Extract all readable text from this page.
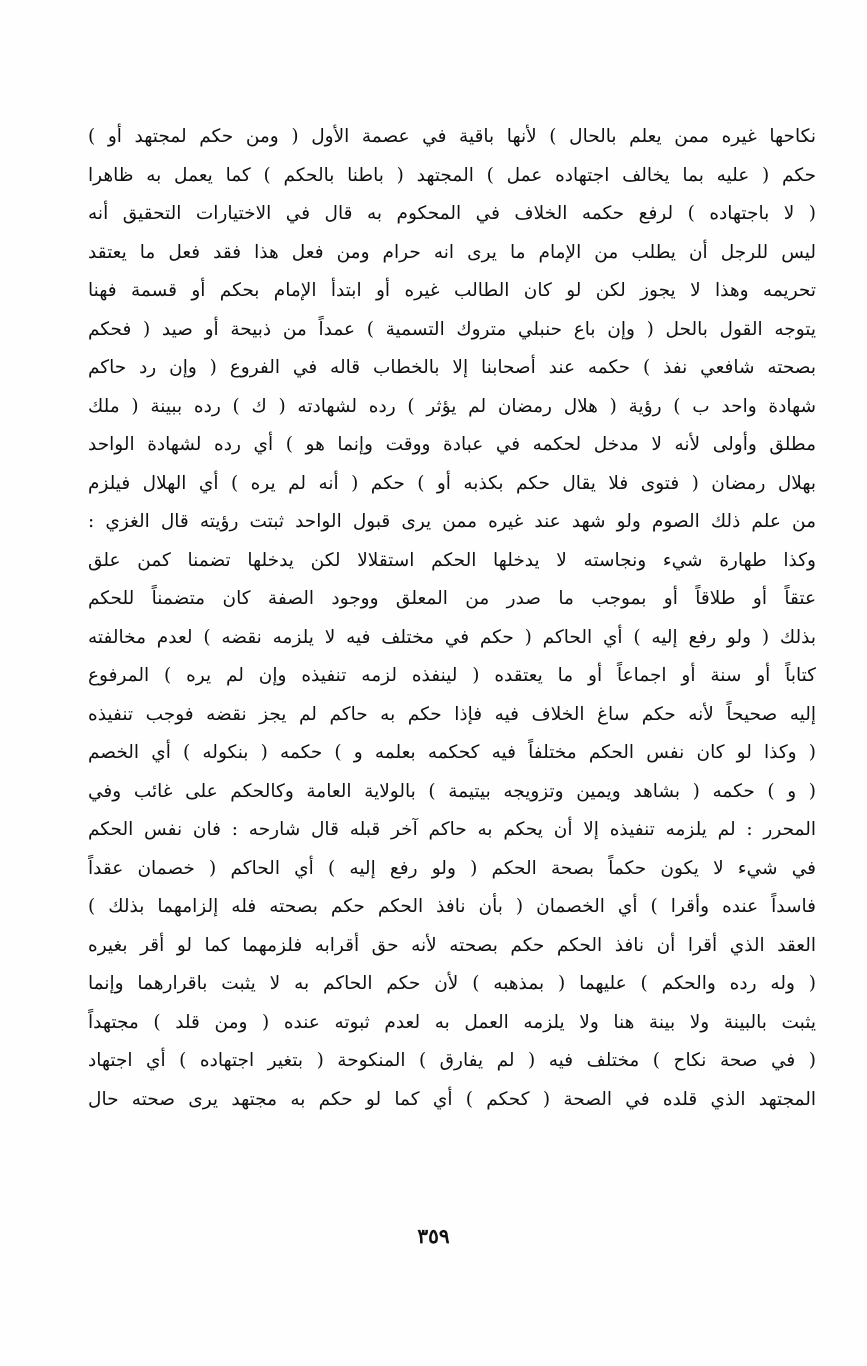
نكاحها غيره ممن يعلم بالحال ) لأنها باقية في عصمة الأول ( ومن حكم لمجتهد أو )
حكم ( عليه بما يخالف اجتهاده عمل ) المجتهد ( باطنا بالحكم ) كما يعمل به ظاهرا
( لا باجتهاده ) لرفع حكمه الخلاف في المحكوم به قال في الاختيارات التحقيق أنه
ليس للرجل أن يطلب من الإمام ما يرى انه حرام ومن فعل هذا فقد فعل ما يعتقد
تحريمه وهذا لا يجوز لكن لو كان الطالب غيره أو ابتدأ الإمام بحكم أو قسمة فهنا
يتوجه القول بالحل ( وإن باع حنبلي متروك التسمية ) عمداً من ذبيحة أو صيد ( فحكم
بصحته شافعي نفذ ) حكمه عند أصحابنا إلا بالخطاب قاله في الفروع ( وإن رد حاكم
شهادة واحد ب ) رؤية ( هلال رمضان لم يؤثر ) رده لشهادته ( ك ) رده ببينة ( ملك
مطلق وأولى لأنه لا مدخل لحكمه في عبادة ووقت وإنما هو ) أي رده لشهادة الواحد
بهلال رمضان ( فتوى فلا يقال حكم بكذبه أو ) حكم ( أنه لم يره ) أي الهلال فيلزم
من علم ذلك الصوم ولو شهد عند غيره ممن يرى قبول الواحد ثبتت رؤيته قال الغزي :
وكذا طهارة شيء ونجاسته لا يدخلها الحكم استقلالا لكن يدخلها تضمنا كمن علق
عتقاً أو طلاقاً أو بموجب ما صدر من المعلق ووجود الصفة كان متضمناً للحكم
بذلك ( ولو رفع إليه ) أي الحاكم ( حكم في مختلف فيه لا يلزمه نقضه ) لعدم مخالفته
كتاباً أو سنة أو اجماعاً أو ما يعتقده ( لينفذه لزمه تنفيذه وإن لم يره ) المرفوع
إليه صحيحاً لأنه حكم ساغ الخلاف فيه فإذا حكم به حاكم لم يجز نقضه فوجب تنفيذه
( وكذا لو كان نفس الحكم مختلفاً فيه كحكمه بعلمه و ) حكمه ( بنكوله ) أي الخصم
( و ) حكمه ( بشاهد ويمين وتزويجه بيتيمة ) بالولاية العامة وكالحكم على غائب وفي
المحرر : لم يلزمه تنفيذه إلا أن يحكم به حاكم آخر قبله قال شارحه : فان نفس الحكم
في شيء لا يكون حكماً بصحة الحكم ( ولو رفع إليه ) أي الحاكم ( خصمان عقداً
فاسداً عنده وأقرا ) أي الخصمان ( بأن نافذ الحكم حكم بصحته فله إلزامهما بذلك )
العقد الذي أقرا أن نافذ الحكم حكم بصحته لأنه حق أقرابه فلزمهما كما لو أقر بغيره
( وله رده والحكم ) عليهما ( بمذهبه ) لأن حكم الحاكم به لا يثبت باقرارهما وإنما
يثبت بالبينة ولا بينة هنا ولا يلزمه العمل به لعدم ثبوته عنده ( ومن قلد ) مجتهداً
( في صحة نكاح ) مختلف فيه ( لم يفارق ) المنكوحة ( بتغير اجتهاده ) أي اجتهاد
المجتهد الذي قلده في الصحة ( كحكم ) أي كما لو حكم به مجتهد يرى صحته حال
٣٥٩
